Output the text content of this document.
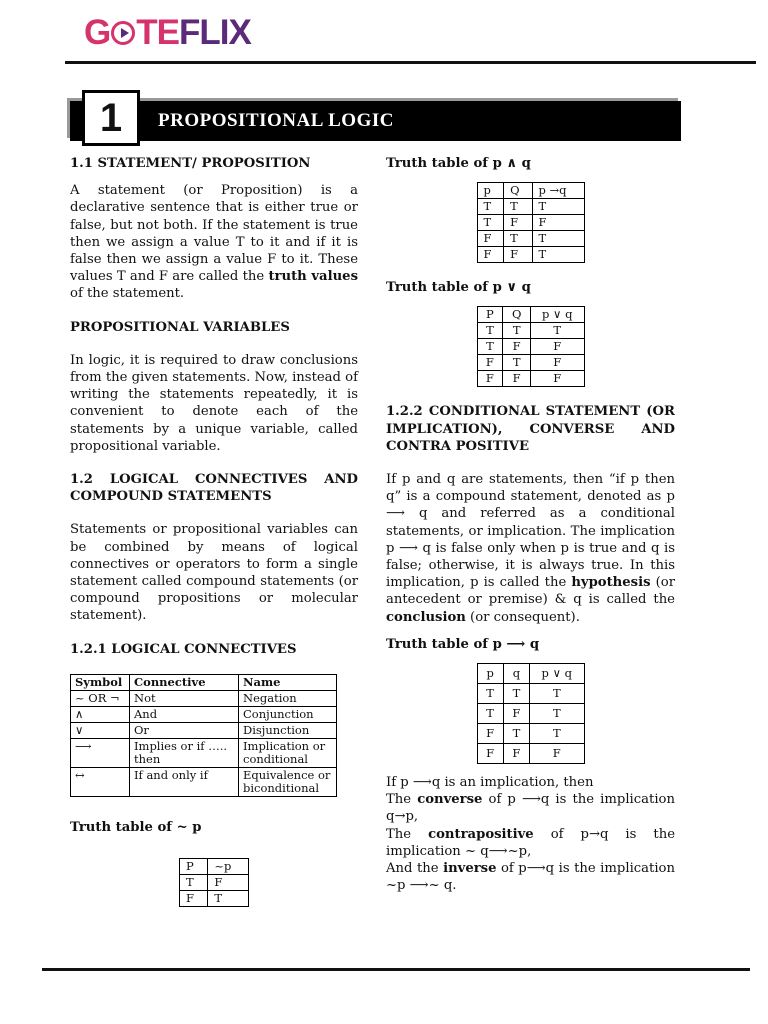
G TE FLIX
1	PROPOSITIONAL LOGIC
1.1 STATEMENT/ PROPOSITION

A statement (or Proposition) is a declarative sentence that is either true or false, but not both. If the statement is true then we assign a value T to it and if it is false then we assign a value F to it. These values T and F are called the truth values of the statement.

PROPOSITIONAL VARIABLES

In logic, it is required to draw conclusions from the given statements. Now, instead of writing the statements repeatedly, it is convenient to denote each of the statements by a unique variable, called propositional variable.

1.2 LOGICAL CONNECTIVES AND COMPOUND STATEMENTS

Statements or propositional variables can be combined by means of logical connectives or operators to form a single statement called compound statements (or compound propositions or molecular statement).

1.2.1 LOGICAL CONNECTIVES
Symbol	Connective	Name
~ OR ¬	Not	Negation
∧	And	Conjunction
∨	Or	Disjunction
⟶	Implies or if ….. then	Implication or conditional
↔	If and only if	Equivalence or biconditional
Truth table of ~ p
P	~p
T	F
F	T
Truth table of p ∧ q
p	Q	p →q
T	T	T
T	F	F
F	T	T
F	F	T
Truth table of p ∨ q
P	Q	p ∨ q
T	T	T
T	F	F
F	T	F
F	F	F
1.2.2 CONDITIONAL STATEMENT (OR IMPLICATION), CONVERSE AND CONTRA POSITIVE

If p and q are statements, then “if p then q” is a compound statement, denoted as p ⟶ q and referred as a conditional statements, or implication. The implication p ⟶ q is false only when p is true and q is false; otherwise, it is always true. In this implication, p is called the hypothesis (or antecedent or premise) & q is called the conclusion (or consequent).

Truth table of p ⟶ q
p	q	p ∨ q
T	T	T
T	F	T
F	T	T
F	F	F

If p ⟶q is an implication, then

The converse of p ⟶q is the implication q→p,

The contrapositive of p→q is the implication ~ q⟶~p,

And the inverse of p⟶q is the implication ~p ⟶~ q.
